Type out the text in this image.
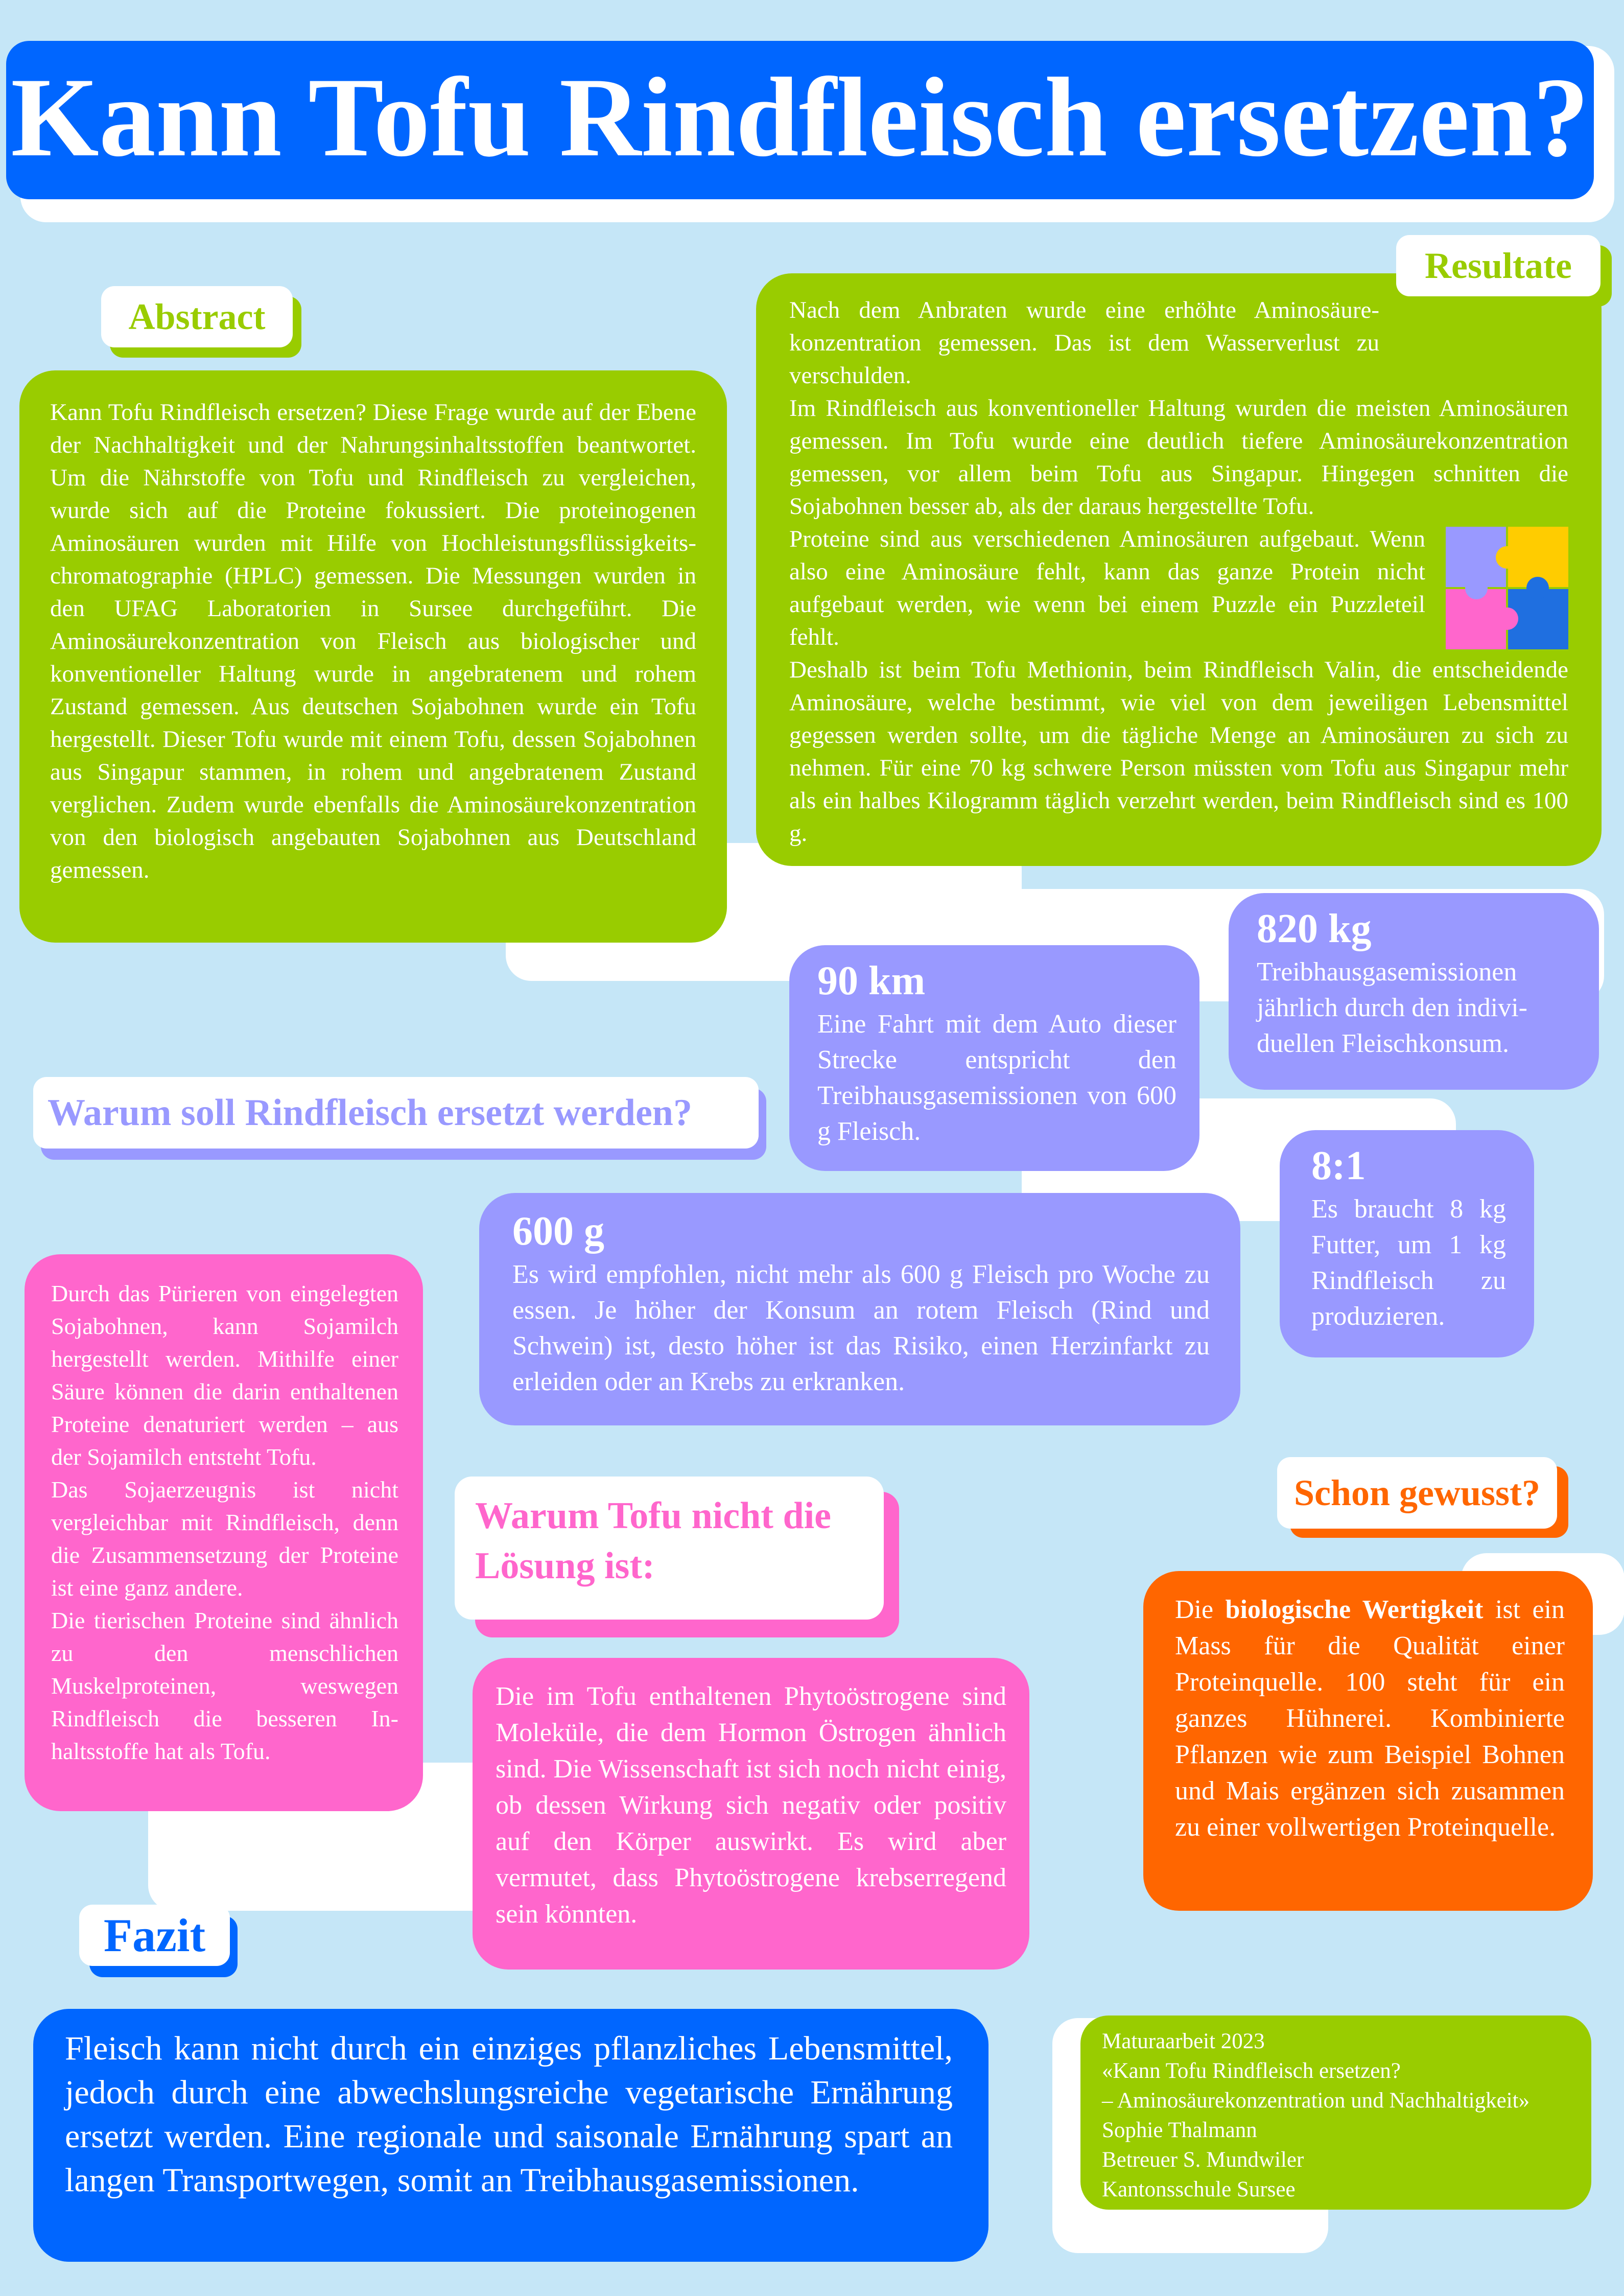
Kann Tofu Rindfleisch ersetzen?
Abstract

Kann Tofu Rindfleisch ersetzen? Diese Frage wurde auf der Ebene der Nachhaltigkeit und der Nahrungsinhaltsstoffen beantwortet. Um die Nährstoffe von Tofu und Rindfleisch zu vergleichen, wurde sich auf die Proteine fokussiert. Die proteinogenen Aminosäuren wurden mit Hilfe von Hochleistungsflüssigkeitschromatographie (HPLC) gemessen. Die Messungen wurden in den UFAG Laboratorien in Sursee durchgeführt. Die Aminosäurekonzentration von Fleisch aus biologischer und konventioneller Haltung wurde in angebratenem und rohem Zustand gemessen. Aus deutschen Sojabohnen wurde ein Tofu hergestellt. Dieser Tofu wurde mit einem Tofu, dessen Sojabohnen aus Singapur stammen, in rohem und angebratenem Zustand verglichen. Zudem wurde ebenfalls die Aminosäurekonzentration von den biologisch angebauten Sojabohnen aus Deutschland gemessen.

Nach dem Anbraten wurde eine erhöhte Aminosäurekonzentration gemessen. Das ist dem Wasserverlust zu verschulden.

Im Rindfleisch aus konventioneller Haltung wurden die meisten Aminosäuren gemessen. Im Tofu wurde eine deutlich tiefere Aminosäurekonzentration gemessen, vor allem beim Tofu aus Singapur. Hingegen schnitten die Sojabohnen besser ab, als der daraus hergestellte Tofu.

Proteine sind aus verschiedenen Aminosäuren aufgebaut. Wenn also eine Aminosäure fehlt, kann das ganze Protein nicht aufgebaut werden, wie wenn bei einem Puzzle ein Puzzleteil fehlt.

Deshalb ist beim Tofu Methionin, beim Rindfleisch Valin, die entscheidende Aminosäure, welche bestimmt, wie viel von dem jeweiligen Lebensmittel gegessen werden sollte, um die tägliche Menge an Aminosäuren zu sich zu nehmen. Für eine 70 kg schwere Person müssten vom Tofu aus Singapur mehr als ein halbes Kilogramm täglich verzehrt werden, beim Rindfleisch sind es 100 g.

Resultate
Warum soll Rindfleisch ersetzt werden?
820 kg
Treibhausgasemissionen jährlich durch den individuellen Fleischkonsum.
90 km
Eine Fahrt mit dem Auto dieser Strecke entspricht den Treibhausgasemissionen von 600 g Fleisch.
8:1
Es braucht 8 kg Futter, um 1 kg Rindfleisch zu produzieren.
600 g
Es wird empfohlen, nicht mehr als 600 g Fleisch pro Woche zu essen. Je höher der Konsum an rotem Fleisch (Rind und Schwein) ist, desto höher ist das Risiko, einen Herzinfarkt zu erleiden oder an Krebs zu erkranken.

Durch das Pürieren von eingelegten Sojabohnen, kann Sojamilch hergestellt werden. Mithilfe einer Säure können die darin enthaltenen Proteine denaturiert werden – aus der Sojamilch entsteht Tofu.

Das Sojaerzeugnis ist nicht vergleichbar mit Rindfleisch, denn die Zusammensetzung der Proteine ist eine ganz andere.

Die tierischen Proteine sind ähnlich zu den menschlichen Muskelproteinen, weswegen Rindfleisch die besseren Inhaltsstoffe hat als Tofu.

Warum Tofu nicht die Lösung ist:

Die im Tofu enthaltenen Phytoöstrogene sind Moleküle, die dem Hormon Östrogen ähnlich sind. Die Wissenschaft ist sich noch nicht einig, ob dessen Wirkung sich negativ oder positiv auf den Körper auswirkt. Es wird aber vermutet, dass Phytoöstrogene krebserregend sein könnten.

Schon gewusst?
Die biologische Wertigkeit ist ein Mass für die Qualität einer Proteinquelle. 100 steht für ein ganzes Hühnerei. Kombinierte Pflanzen wie zum Beispiel Bohnen und Mais ergänzen sich zusammen zu einer vollwertigen Proteinquelle.
Fazit
Fleisch kann nicht durch ein einziges pflanzliches Lebensmittel, jedoch durch eine abwechslungsreiche vegetarische Ernährung ersetzt werden. Eine regionale und saisonale Ernährung spart an langen Transportwegen, somit an Treibhausgasemissionen.
Maturaarbeit 2023
«Kann Tofu Rindfleisch ersetzen?
– Aminosäurekonzentration und Nachhaltigkeit»
Sophie Thalmann
Betreuer S. Mundwiler
Kantonsschule Sursee
